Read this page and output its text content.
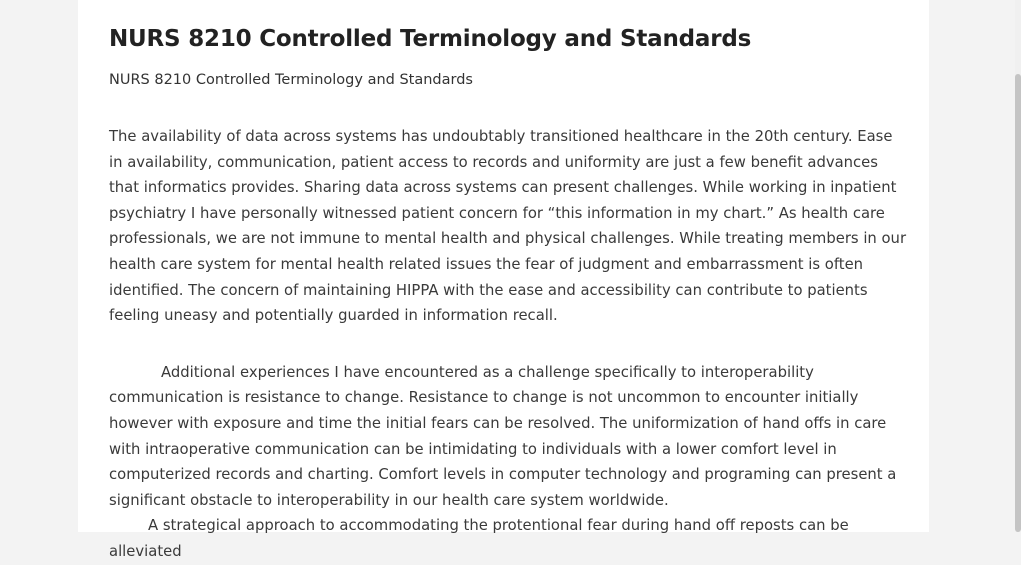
NURS 8210 Controlled Terminology and Standards
NURS 8210 Controlled Terminology and Standards

The availability of data across systems has undoubtably transitioned healthcare in the 20th century. Ease in availability, communication, patient access to records and uniformity are just a few benefit advances that informatics provides. Sharing data across systems can present challenges. While working in inpatient psychiatry I have personally witnessed patient concern for “this information in my chart.” As health care professionals, we are not immune to mental health and physical challenges. While treating members in our health care system for mental health related issues the fear of judgment and embarrassment is often identified. The concern of maintaining HIPPA with the ease and accessibility can contribute to patients feeling uneasy and potentially guarded in information recall.

Additional experiences I have encountered as a challenge specifically to interoperability communication is resistance to change. Resistance to change is not uncommon to encounter initially however with exposure and time the initial fears can be resolved. The uniformization of hand offs in care with intraoperative communication can be intimidating to individuals with a lower comfort level in computerized records and charting. Comfort levels in computer technology and programing can present a significant obstacle to interoperability in our health care system worldwide.

A strategical approach to accommodating the protentional fear during hand off reposts can be alleviated
